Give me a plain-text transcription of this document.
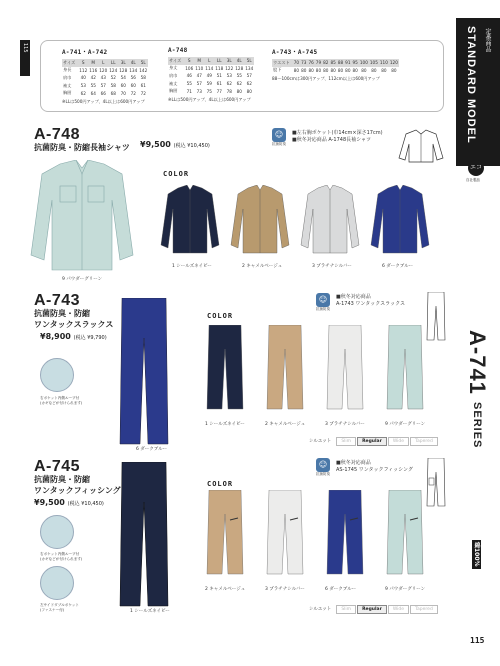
STANDARD MODEL 定番商品
115	A-741・A-742
サイズ	S	M	L	LL	3L	4L	5L
身長	112	116	120	124	128	134	142
肩巾	40	42	43	52	54	56	58
袖丈	53	55	57	58	60	60	61
胸囲	62	64	66	68	70	72	72
※LLは500円アップ、4L以上は600円アップ
A-748
サイズ	S	M	L	LL	3L	4L	5L
身丈	106	110	114	118	122	128	134
肩巾	46	47	49	51	53	55	57
袖丈	55	57	59	61	62	62	62
胸囲	71	73	75	77	78	80	80
※LLは500円アップ、4L以上は600円アップ
A-743・A-745
ウエスト	70	73	76	79	82	85	88	91	95	100	105	110	120
股下	80	80	80	80	80	80	80	80	80	80	80	80	80
88〜100cmは300円アップ、112cm以上は600円アップ
A-748
抗菌防臭・防縮長袖シャツ ¥9,500 (税込 ¥10,450)
☺
抗菌防臭
■左右胸ポケット(巾14cm×深さ17cm)
■秋冬対応商品 A-1748長袖シャツ
9 パウダーグリーン
COLOR
1 シールズネイビー	2 キャメルベージュ	3 プラチナシルバー	6 ダークブルー
エコ
自社製品
A-743
抗菌防臭・防縮
ワンタックスラックス
¥8,900 (税込 ¥9,790)
右ポケット内側ループ付
(カギなどが付けられます)
6 ダークブルー
COLOR
1 シールズネイビー	2 キャメルベージュ	3 プラチナシルバー	9 パウダーグリーン
☺
抗菌防臭
■秋冬対応商品
A-1743 ワンタックスラックス
シルエット	Slim	Regular	Wide	Tapered
A-745
抗菌防臭・防縮
ワンタックフィッシング
¥9,500 (税込 ¥10,450)
右ポケット内側ループ付
(カギなどが付けられます)
左サイドダブルポケット
(ファスナー付)	1 シールズネイビー
COLOR
2 キャメルベージュ	3 プラチナシルバー	6 ダークブルー	9 パウダーグリーン
☺
抗菌防臭
■秋冬対応商品
AS-1745 ワンタックフィッシング
シルエット	Slim	Regular	Wide	Tapered
A-741 SERIES
綿100%
115
